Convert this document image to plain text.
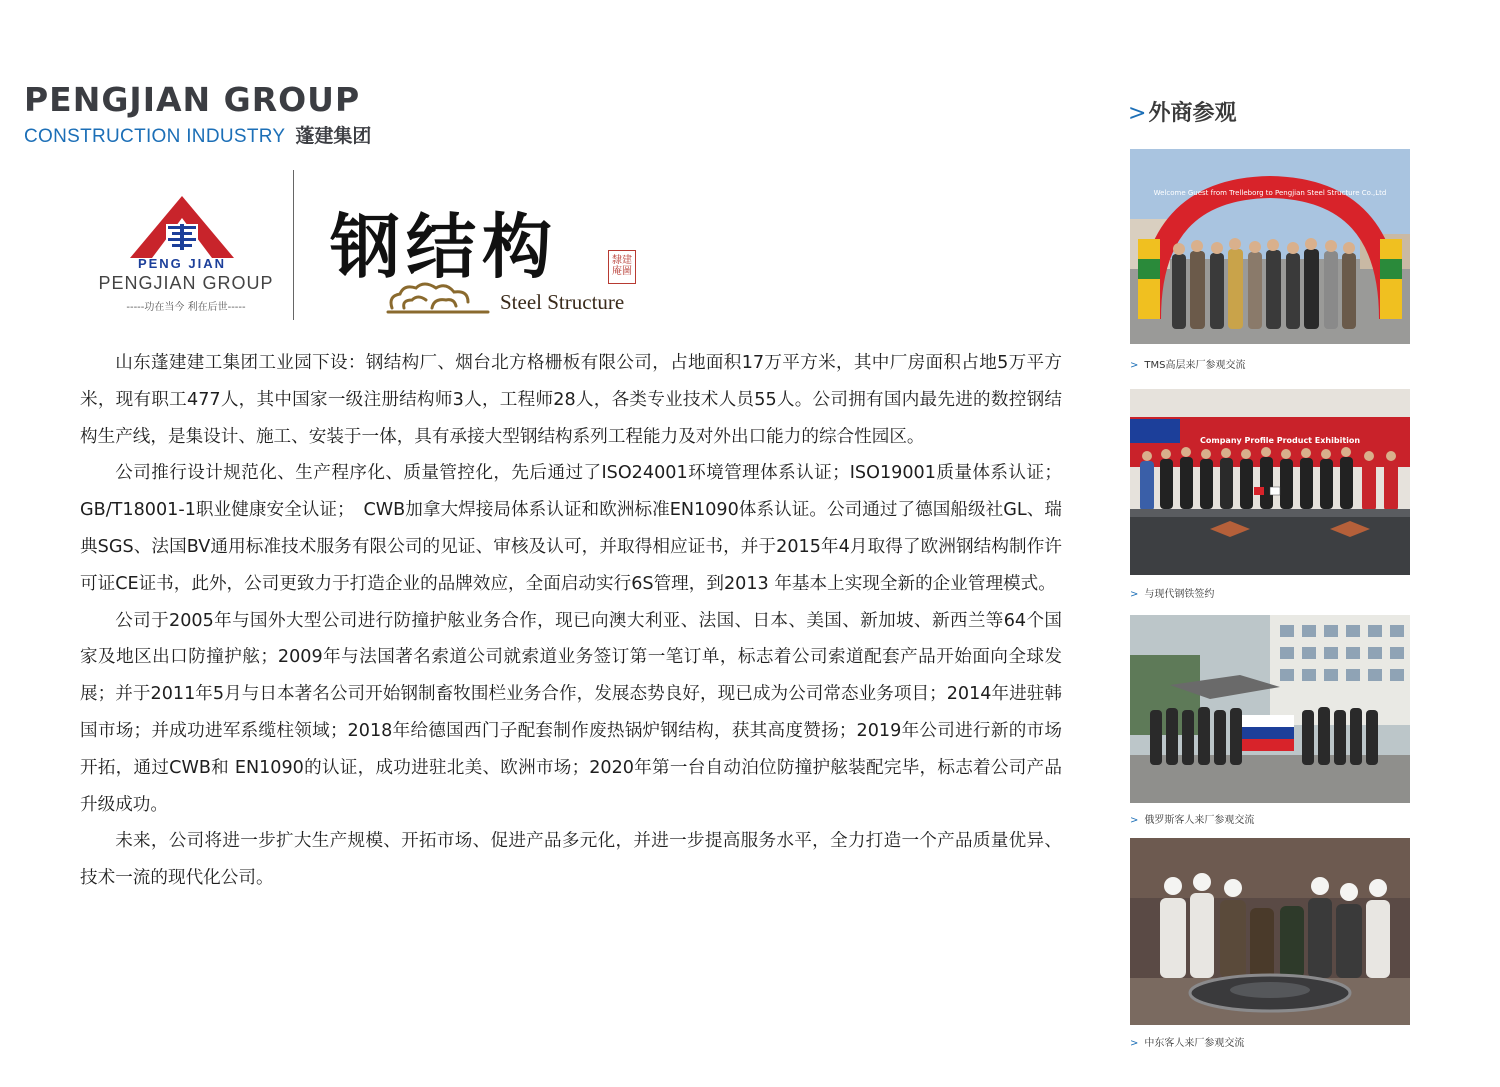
PENGJIAN GROUP
CONSTRUCTION INDUSTRY 蓬建集团
PENG JIAN
PENGJIAN GROUP
-----功在当今 利在后世-----
钢结构	隸建 庵圖
Steel Structure

山东蓬建建工集团工业园下设：钢结构厂、烟台北方格栅板有限公司，占地面积17万平方米，其中厂房面积占地5万平方米，现有职工477人，其中国家一级注册结构师3人，工程师28人，各类专业技术人员55人。公司拥有国内最先进的数控钢结构生产线，是集设计、施工、安装于一体，具有承接大型钢结构系列工程能力及对外出口能力的综合性园区。

公司推行设计规范化、生产程序化、质量管控化，先后通过了ISO24001环境管理体系认证；ISO19001质量体系认证；GB/T18001-1职业健康安全认证；　CWB加拿大焊接局体系认证和欧洲标准EN1090体系认证。公司通过了德国船级社GL、瑞典SGS、法国BV通用标准技术服务有限公司的见证、审核及认可，并取得相应证书，并于2015年4月取得了欧洲钢结构制作许可证CE证书，此外，公司更致力于打造企业的品牌效应，全面启动实行6S管理，到2013 年基本上实现全新的企业管理模式。

公司于2005年与国外大型公司进行防撞护舷业务合作，现已向澳大利亚、法国、日本、美国、新加坡、新西兰等64个国家及地区出口防撞护舷；2009年与法国著名索道公司就索道业务签订第一笔订单，标志着公司索道配套产品开始面向全球发展；并于2011年5月与日本著名公司开始钢制畜牧围栏业务合作，发展态势良好，现已成为公司常态业务项目；2014年进驻韩国市场；并成功进军系缆柱领域；2018年给德国西门子配套制作废热锅炉钢结构，获其高度赞扬；2019年公司进行新的市场开拓，通过CWB和 EN1090的认证，成功进驻北美、欧洲市场；2020年第一台自动泊位防撞护舷装配完毕，标志着公司产品升级成功。

未来，公司将进一步扩大生产规模、开拓市场、促进产品多元化，并进一步提高服务水平，全力打造一个产品质量优异、技术一流的现代化公司。

>外商参观
Welcome Guest from Trelleborg to Pengjian Steel Structure Co.,Ltd
> TMS高层来厂参观交流
Company Profile Product Exhibition
> 与现代钢铁签约
> 俄罗斯客人来厂参观交流
> 中东客人来厂参观交流
